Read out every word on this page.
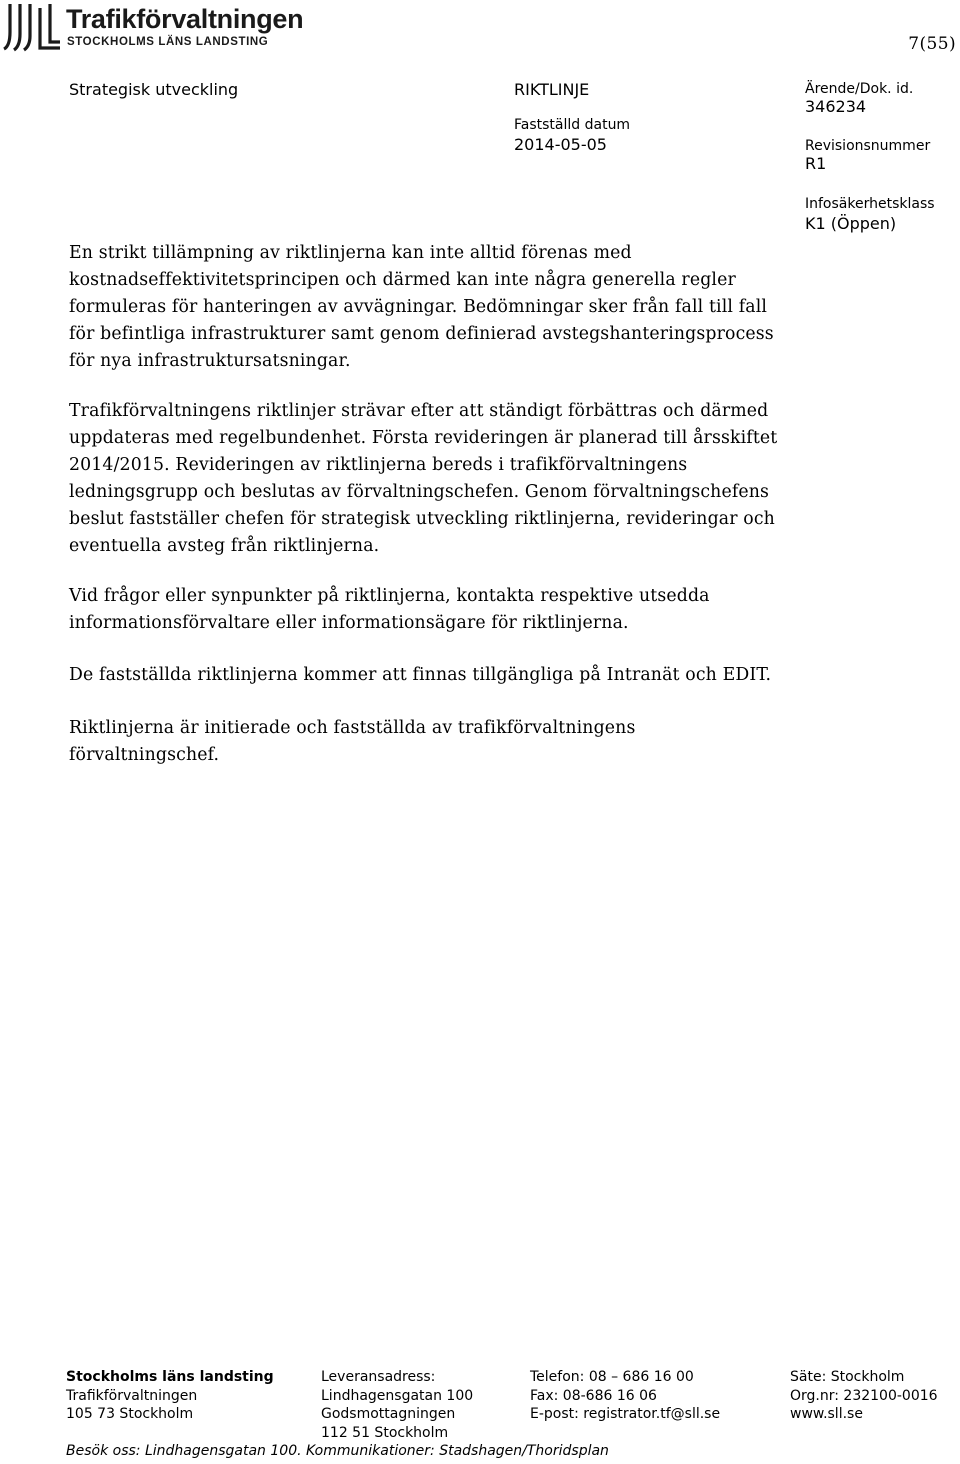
Trafikförvaltningen
STOCKHOLMS LÄNS LANDSTING	7(55)
Strategisk utveckling	RIKTLINJE
Fastställd datum
2014-05-05
Ärende/Dok. id.
346234
Revisionsnummer
R1
Infosäkerhetsklass
K1 (Öppen)
En strikt tillämpning av riktlinjerna kan inte alltid förenas med
kostnadseffektivitetsprincipen och därmed kan inte några generella regler
formuleras för hanteringen av avvägningar. Bedömningar sker från fall till fall
för befintliga infrastrukturer samt genom definierad avstegshanteringsprocess
för nya infrastruktursatsningar.
Trafikförvaltningens riktlinjer strävar efter att ständigt förbättras och därmed
uppdateras med regelbundenhet. Första revideringen är planerad till årsskiftet
2014/2015. Revideringen av riktlinjerna bereds i trafikförvaltningens
ledningsgrupp och beslutas av förvaltningschefen. Genom förvaltningschefens
beslut fastställer chefen för strategisk utveckling riktlinjerna, revideringar och
eventuella avsteg från riktlinjerna.
Vid frågor eller synpunkter på riktlinjerna, kontakta respektive utsedda
informationsförvaltare eller informationsägare för riktlinjerna.
De fastställda riktlinjerna kommer att finnas tillgängliga på Intranät och EDIT.
Riktlinjerna är initierade och fastställda av trafikförvaltningens
förvaltningschef.
Stockholms läns landsting
Trafikförvaltningen
105 73 Stockholm
Leveransadress:
Lindhagensgatan 100
Godsmottagningen
112 51 Stockholm
Telefon: 08 – 686 16 00
Fax: 08-686 16 06
E-post: registrator.tf@sll.se
Säte: Stockholm
Org.nr: 232100-0016
www.sll.se
Besök oss: Lindhagensgatan 100. Kommunikationer: Stadshagen/Thoridsplan
